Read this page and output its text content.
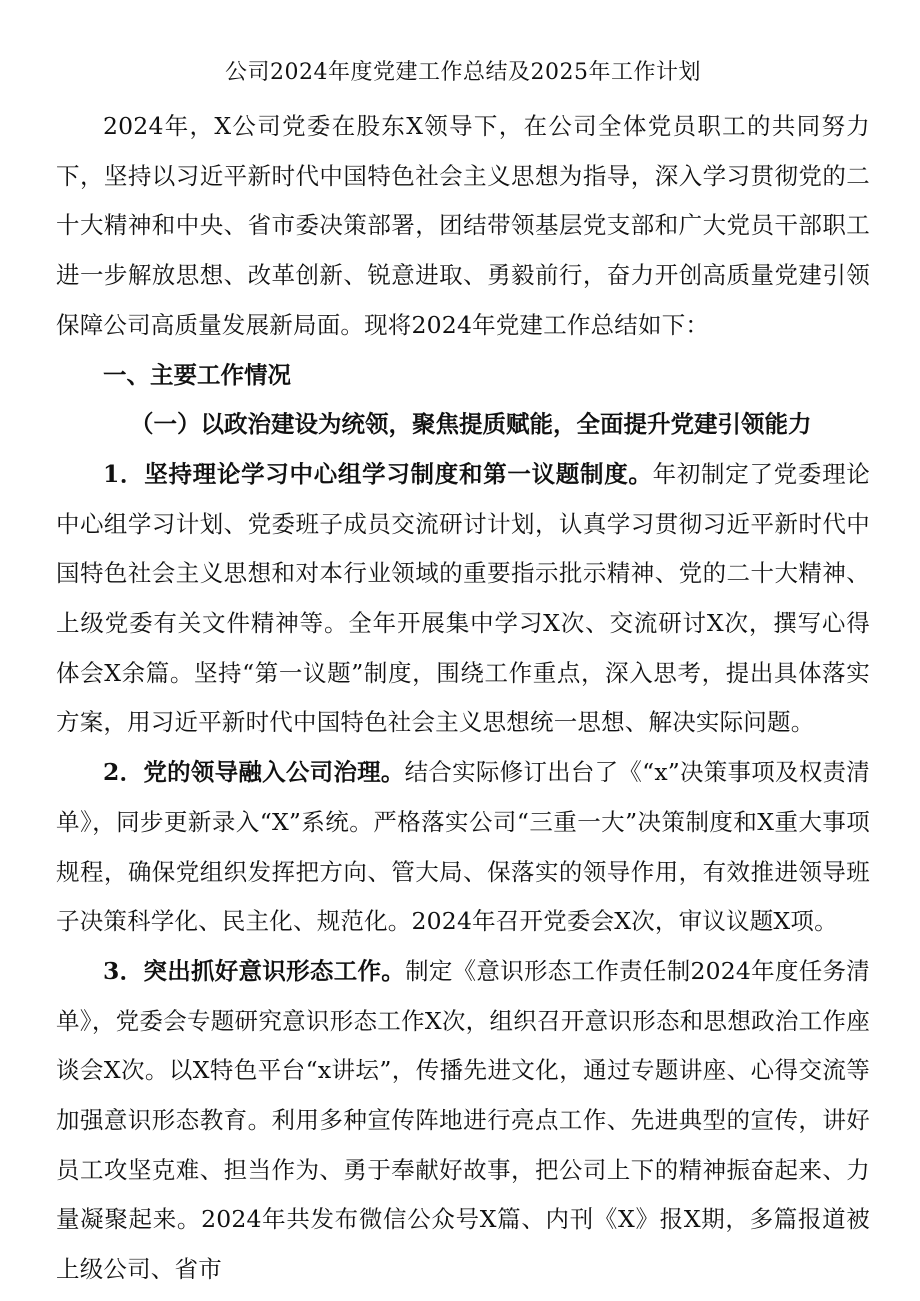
公司2024年度党建工作总结及2025年工作计划

2024年，X公司党委在股东X领导下，在公司全体党员职工的共同努力下，坚持以习近平新时代中国特色社会主义思想为指导，深入学习贯彻党的二十大精神和中央、省市委决策部署，团结带领基层党支部和广大党员干部职工进一步解放思想、改革创新、锐意进取、勇毅前行，奋力开创高质量党建引领保障公司高质量发展新局面。现将2024年党建工作总结如下：

一、主要工作情况

（一）以政治建设为统领，聚焦提质赋能，全面提升党建引领能力

1．坚持理论学习中心组学习制度和第一议题制度。年初制定了党委理论中心组学习计划、党委班子成员交流研讨计划，认真学习贯彻习近平新时代中国特色社会主义思想和对本行业领域的重要指示批示精神、党的二十大精神、上级党委有关文件精神等。全年开展集中学习X次、交流研讨X次，撰写心得体会X余篇。坚持“第一议题”制度，围绕工作重点，深入思考，提出具体落实方案，用习近平新时代中国特色社会主义思想统一思想、解决实际问题。

2．党的领导融入公司治理。结合实际修订出台了《“x”决策事项及权责清单》，同步更新录入“X”系统。严格落实公司“三重一大”决策制度和X重大事项规程，确保党组织发挥把方向、管大局、保落实的领导作用，有效推进领导班子决策科学化、民主化、规范化。2024年召开党委会X次，审议议题X项。

3．突出抓好意识形态工作。制定《意识形态工作责任制2024年度任务清单》，党委会专题研究意识形态工作X次，组织召开意识形态和思想政治工作座谈会X次。以X特色平台“x讲坛”，传播先进文化，通过专题讲座、心得交流等加强意识形态教育。利用多种宣传阵地进行亮点工作、先进典型的宣传，讲好员工攻坚克难、担当作为、勇于奉献好故事，把公司上下的精神振奋起来、力量凝聚起来。2024年共发布微信公众号X篇、内刊《X》报X期，多篇报道被上级公司、省市
